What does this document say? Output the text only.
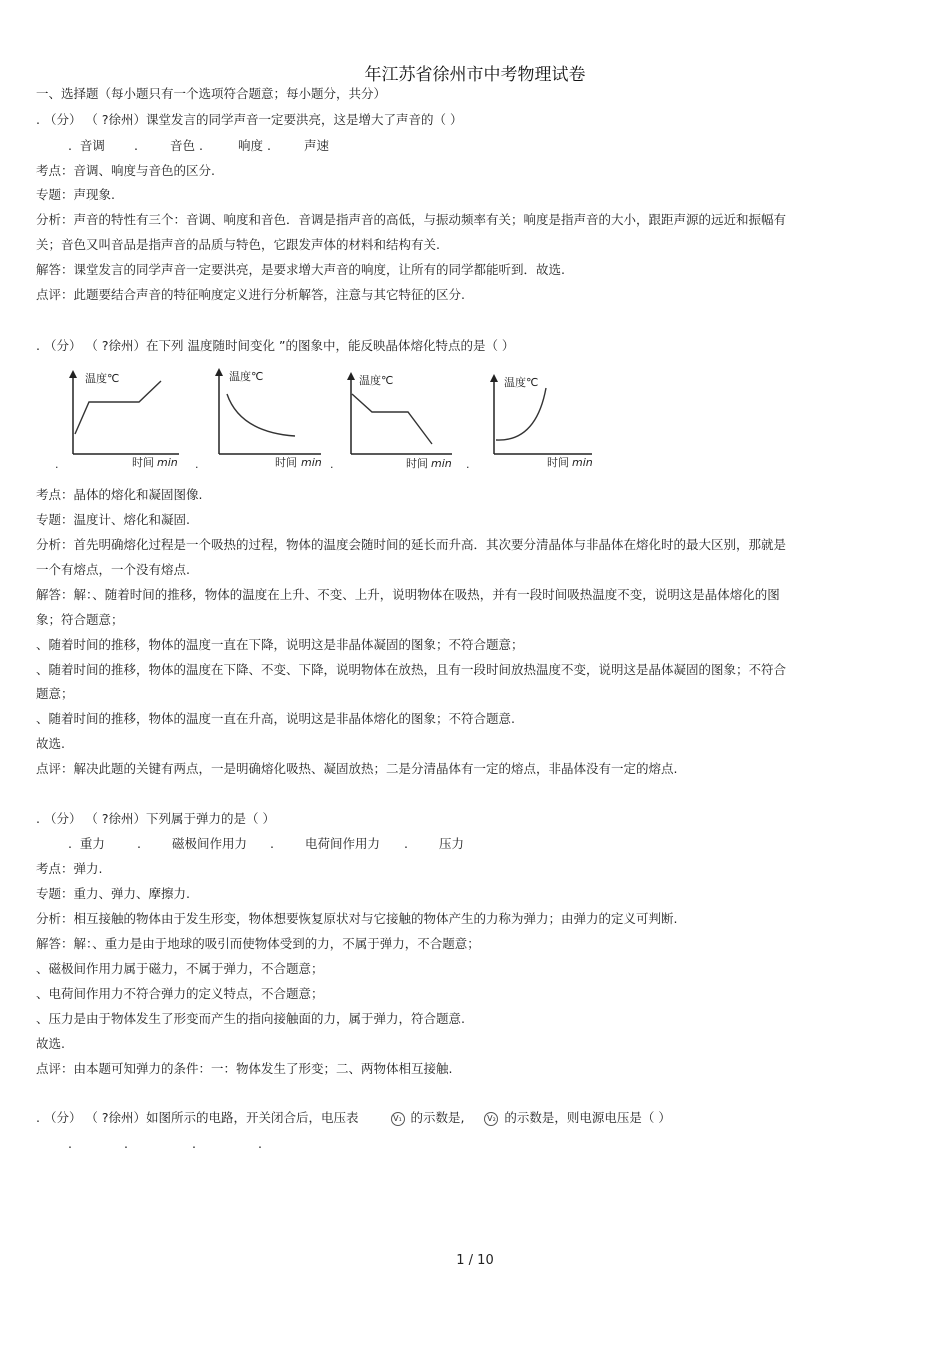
年江苏省徐州市中考物理试卷
一、选择题（每小题只有一个选项符合题意；每小题分，共分）
. （分） （ ?徐州）课堂发言的同学声音一定要洪亮，这是增大了声音的（ ）
.  音调 .	音色 .	响度 .	声速
考点：音调、响度与音色的区分.
专题：声现象.
分析：声音的特性有三个：音调、响度和音色．音调是指声音的高低，与振动频率有关；响度是指声音的大小，跟距声源的远近和振幅有
关；音色又叫音品是指声音的品质与特色，它跟发声体的材料和结构有关.
解答：课堂发言的同学声音一定要洪亮，是要求增大声音的响度，让所有的同学都能听到．故选.
点评：此题要结合声音的特征响度定义进行分析解答，注意与其它特征的区分.
. （分） （ ?徐州）在下列 温度随时间变化 ”的图象中，能反映晶体熔化特点的是（ ）
温度℃
时间 min
.
温度℃
时间 min
.
温度℃
时间 min
.
温度℃
时间 min
.
考点：晶体的熔化和凝固图像.
专题：温度计、熔化和凝固.
分析：首先明确熔化过程是一个吸热的过程，物体的温度会随时间的延长而升高．其次要分清晶体与非晶体在熔化时的最大区别，那就是
一个有熔点，一个没有熔点.
解答：解：、随着时间的推移，物体的温度在上升、不变、上升，说明物体在吸热，并有一段时间吸热温度不变，说明这是晶体熔化的图
象；符合题意；
、随着时间的推移，物体的温度一直在下降，说明这是非晶体凝固的图象；不符合题意；
、随着时间的推移，物体的温度在下降、不变、下降，说明物体在放热，且有一段时间放热温度不变，说明这是晶体凝固的图象；不符合
题意；
、随着时间的推移，物体的温度一直在升高，说明这是非晶体熔化的图象；不符合题意.
故选.
点评：解决此题的关键有两点，一是明确熔化吸热、凝固放热；二是分清晶体有一定的熔点，非晶体没有一定的熔点.
. （分） （ ?徐州）下列属于弹力的是（ ）
.  重力	. 磁极间作用力 . 电荷间作用力 . 压力
考点：弹力.
专题：重力、弹力、摩擦力.
分析：相互接触的物体由于发生形变，物体想要恢复原状对与它接触的物体产生的力称为弹力；由弹力的定义可判断.
解答：解：、重力是由于地球的吸引而使物体受到的力，不属于弹力，不合题意；
、磁极间作用力属于磁力，不属于弹力，不合题意；
、电荷间作用力不符合弹力的定义特点，不合题意；
、压力是由于物体发生了形变而产生的指向接触面的力，属于弹力，符合题意.
故选.
点评：由本题可知弹力的条件：一：物体发生了形变；二、两物体相互接触.
. （分） （ ?徐州）如图所示的电路，开关闭合后，电压表	V₁ 的示数是,	V₂ 的示数是，则电源电压是（ ）
.	.	.	.
1 / 10
